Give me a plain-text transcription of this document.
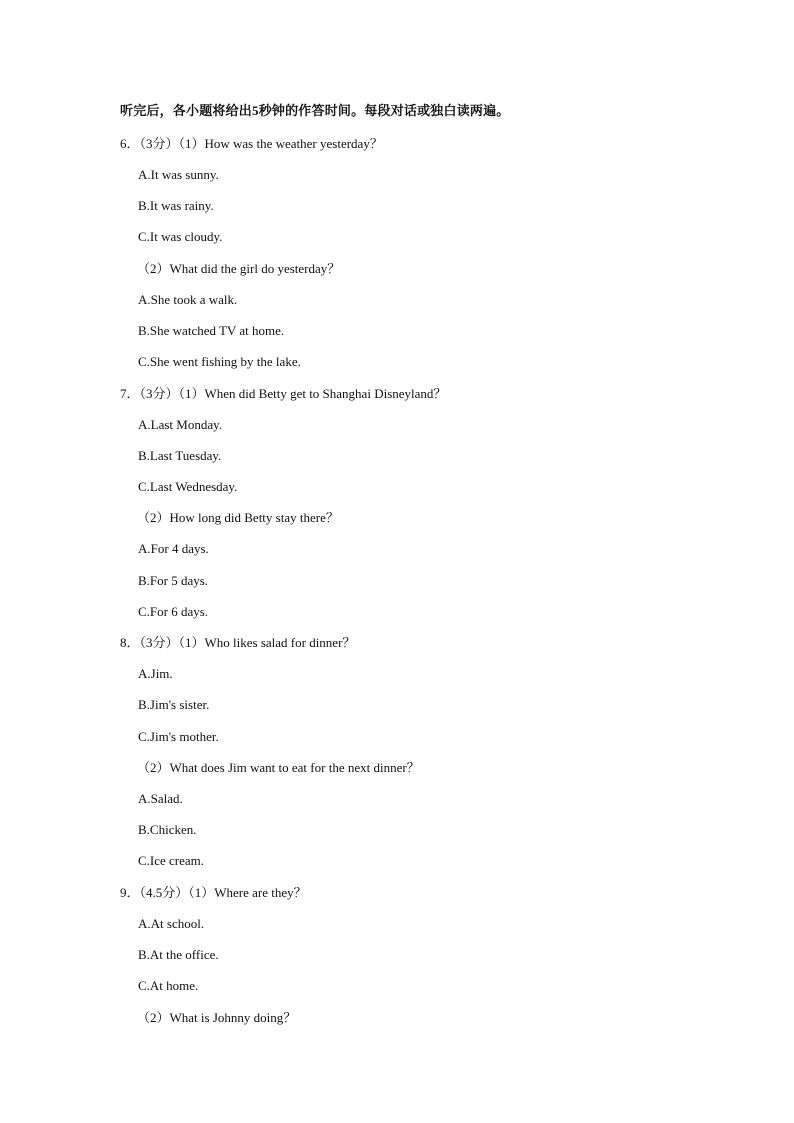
听完后，各小题将给出5秒钟的作答时间。每段对话或独白读两遍。
6．（3分）（1）How was the weather yesterday？
A.It was sunny.
B.It was rainy.
C.It was cloudy.
（2）What did the girl do yesterday？
A.She took a walk.
B.She watched TV at home.
C.She went fishing by the lake.
7．（3分）（1）When did Betty get to Shanghai Disneyland？
A.Last Monday.
B.Last Tuesday.
C.Last Wednesday.
（2）How long did Betty stay there？
A.For 4 days.
B.For 5 days.
C.For 6 days.
8．（3分）（1）Who likes salad for dinner？
A.Jim.
B.Jim's sister.
C.Jim's mother.
（2）What does Jim want to eat for the next dinner？
A.Salad.
B.Chicken.
C.Ice cream.
9．（4.5分）（1）Where are they？
A.At school.
B.At the office.
C.At home.
（2）What is Johnny doing？
